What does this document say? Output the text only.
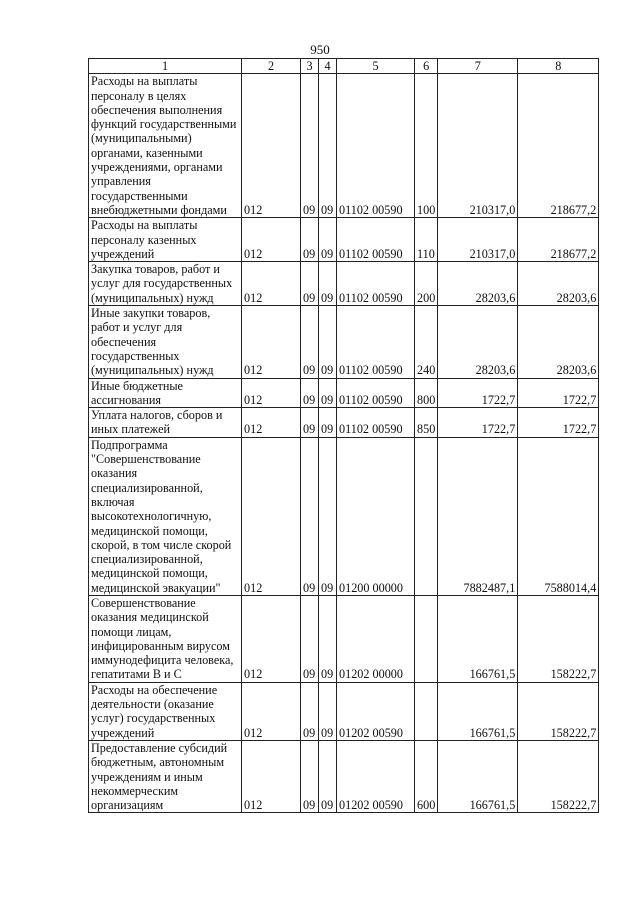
950
1	2	3	4	5	6	7	8
Расходы на выплаты персоналу в целях обеспечения выполнения функций государственными (муниципальными) органами, казенными учреждениями, органами управления государственными внебюджетными фондами	012	09	09	01102 00590	100	210317,0	218677,2
Расходы на выплаты персоналу казенных учреждений	012	09	09	01102 00590	110	210317,0	218677,2
Закупка товаров, работ и услуг для государственных (муниципальных) нужд	012	09	09	01102 00590	200	28203,6	28203,6
Иные закупки товаров, работ и услуг для обеспечения государственных (муниципальных) нужд	012	09	09	01102 00590	240	28203,6	28203,6
Иные бюджетные ассигнования	012	09	09	01102 00590	800	1722,7	1722,7
Уплата налогов, сборов и иных платежей	012	09	09	01102 00590	850	1722,7	1722,7
Подпрограмма "Совершенствование оказания специализированной, включая высокотехнологичную, медицинской помощи, скорой, в том числе скорой специализированной, медицинской помощи, медицинской эвакуации"	012	09	09	01200 00000		7882487,1	7588014,4
Совершенствование оказания медицинской помощи лицам, инфицированным вирусом иммунодефицита человека, гепатитами B и C	012	09	09	01202 00000		166761,5	158222,7
Расходы на обеспечение деятельности (оказание услуг) государственных учреждений	012	09	09	01202 00590		166761,5	158222,7
Предоставление субсидий бюджетным, автономным учреждениям и иным некоммерческим организациям	012	09	09	01202 00590	600	166761,5	158222,7
